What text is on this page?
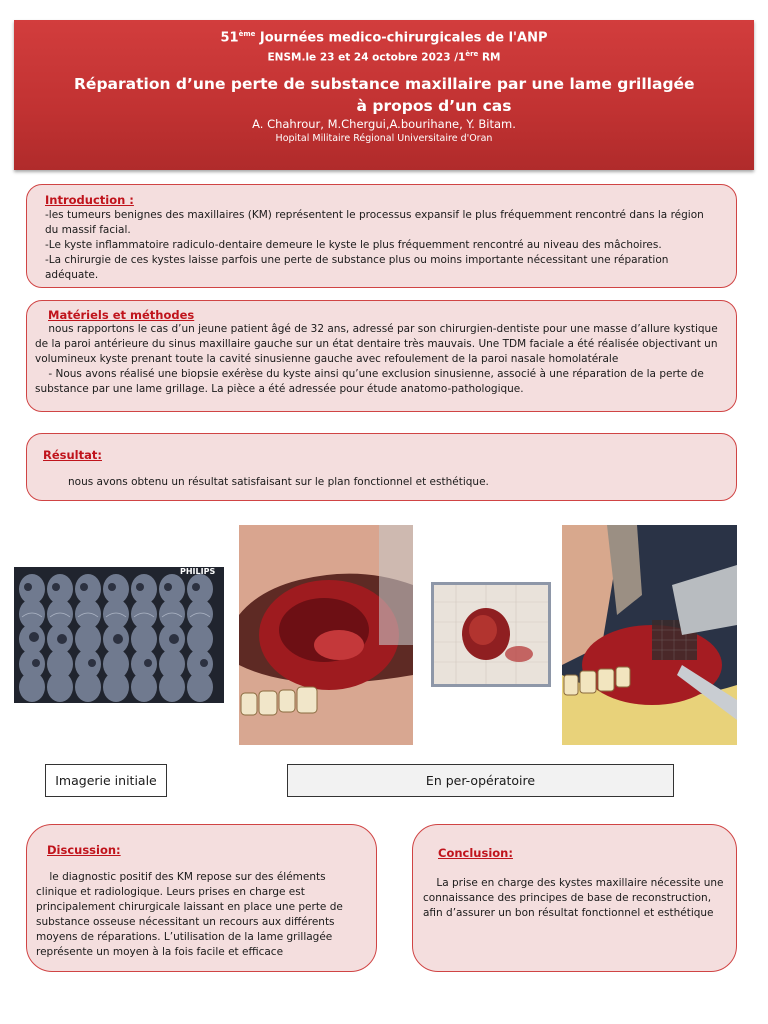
51ème Journées medico-chirurgicales de l'ANP
ENSM.le 23 et 24 octobre 2023 /1ère RM
Réparation d’une perte de substance maxillaire par une lame grillagée
à propos d’un cas
A. Chahrour, M.Chergui,A.bourihane, Y. Bitam.
Hopital Militaire Régional Universitaire d'Oran
Introduction :

-les tumeurs benignes des maxillaires (KM) représentent le processus expansif le plus fréquemment rencontré dans la région du massif facial.

-Le kyste inflammatoire radiculo-dentaire demeure le kyste le plus fréquemment rencontré au niveau des mâchoires.

-La chirurgie de ces kystes laisse parfois une perte de substance plus ou moins importante nécessitant une réparation adéquate.

Matériels et méthodes

nous rapportons le cas d’un jeune patient âgé de 32 ans, adressé par son chirurgien-dentiste pour une masse d’allure kystique de la paroi antérieure du sinus maxillaire gauche sur un état dentaire très mauvais. Une TDM faciale a été réalisée objectivant un volumineux kyste prenant toute la cavité sinusienne gauche avec refoulement de la paroi nasale homolatérale

- Nous avons réalisé une biopsie exérèse du kyste ainsi qu’une exclusion sinusienne, associé à une réparation de la perte de substance par une lame grillage. La pièce a été adressée pour étude anatomo-pathologique.

Résultat:

nous avons obtenu un résultat satisfaisant sur le plan fonctionnel et esthétique.

PHILIPS
Imagerie initiale	En per-opératoire
Discussion:

le diagnostic positif des KM repose sur des éléments clinique et radiologique. Leurs prises en charge est principalement chirurgicale laissant en place une perte de substance osseuse nécessitant un recours aux différents moyens de réparations. L’utilisation de la lame grillagée représente un moyen à la fois facile et efficace

Conclusion:

La prise en charge des kystes maxillaire nécessite une connaissance des principes de base de reconstruction, afin d’assurer un bon résultat fonctionnel et esthétique
